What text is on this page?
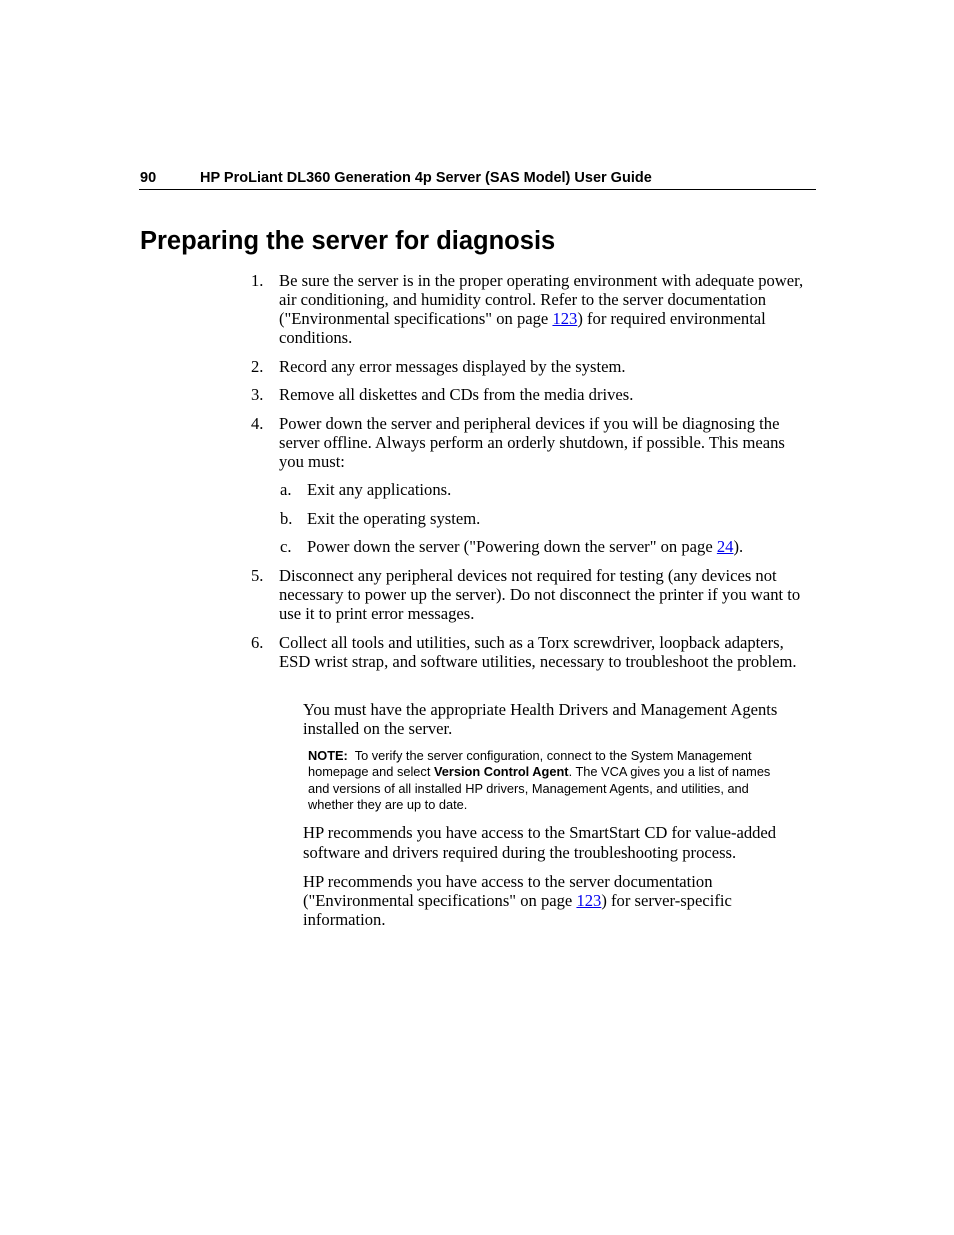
90	HP ProLiant DL360 Generation 4p Server (SAS Model) User Guide
Preparing the server for diagnosis
1. Be sure the server is in the proper operating environment with adequate power, air conditioning, and humidity control. Refer to the server documentation ("Environmental specifications" on page 123) for required environmental conditions.
2. Record any error messages displayed by the system.
3. Remove all diskettes and CDs from the media drives.
4. Power down the server and peripheral devices if you will be diagnosing the server offline. Always perform an orderly shutdown, if possible. This means you must:
a. Exit any applications.
b. Exit the operating system.
c. Power down the server ("Powering down the server" on page 24).
5. Disconnect any peripheral devices not required for testing (any devices not necessary to power up the server). Do not disconnect the printer if you want to use it to print error messages.
6. Collect all tools and utilities, such as a Torx screwdriver, loopback adapters, ESD wrist strap, and software utilities, necessary to troubleshoot the problem.
You must have the appropriate Health Drivers and Management Agents installed on the server.
NOTE: To verify the server configuration, connect to the System Management homepage and select Version Control Agent. The VCA gives you a list of names and versions of all installed HP drivers, Management Agents, and utilities, and whether they are up to date.
HP recommends you have access to the SmartStart CD for value-added software and drivers required during the troubleshooting process.
HP recommends you have access to the server documentation ("Environmental specifications" on page 123) for server-specific information.
